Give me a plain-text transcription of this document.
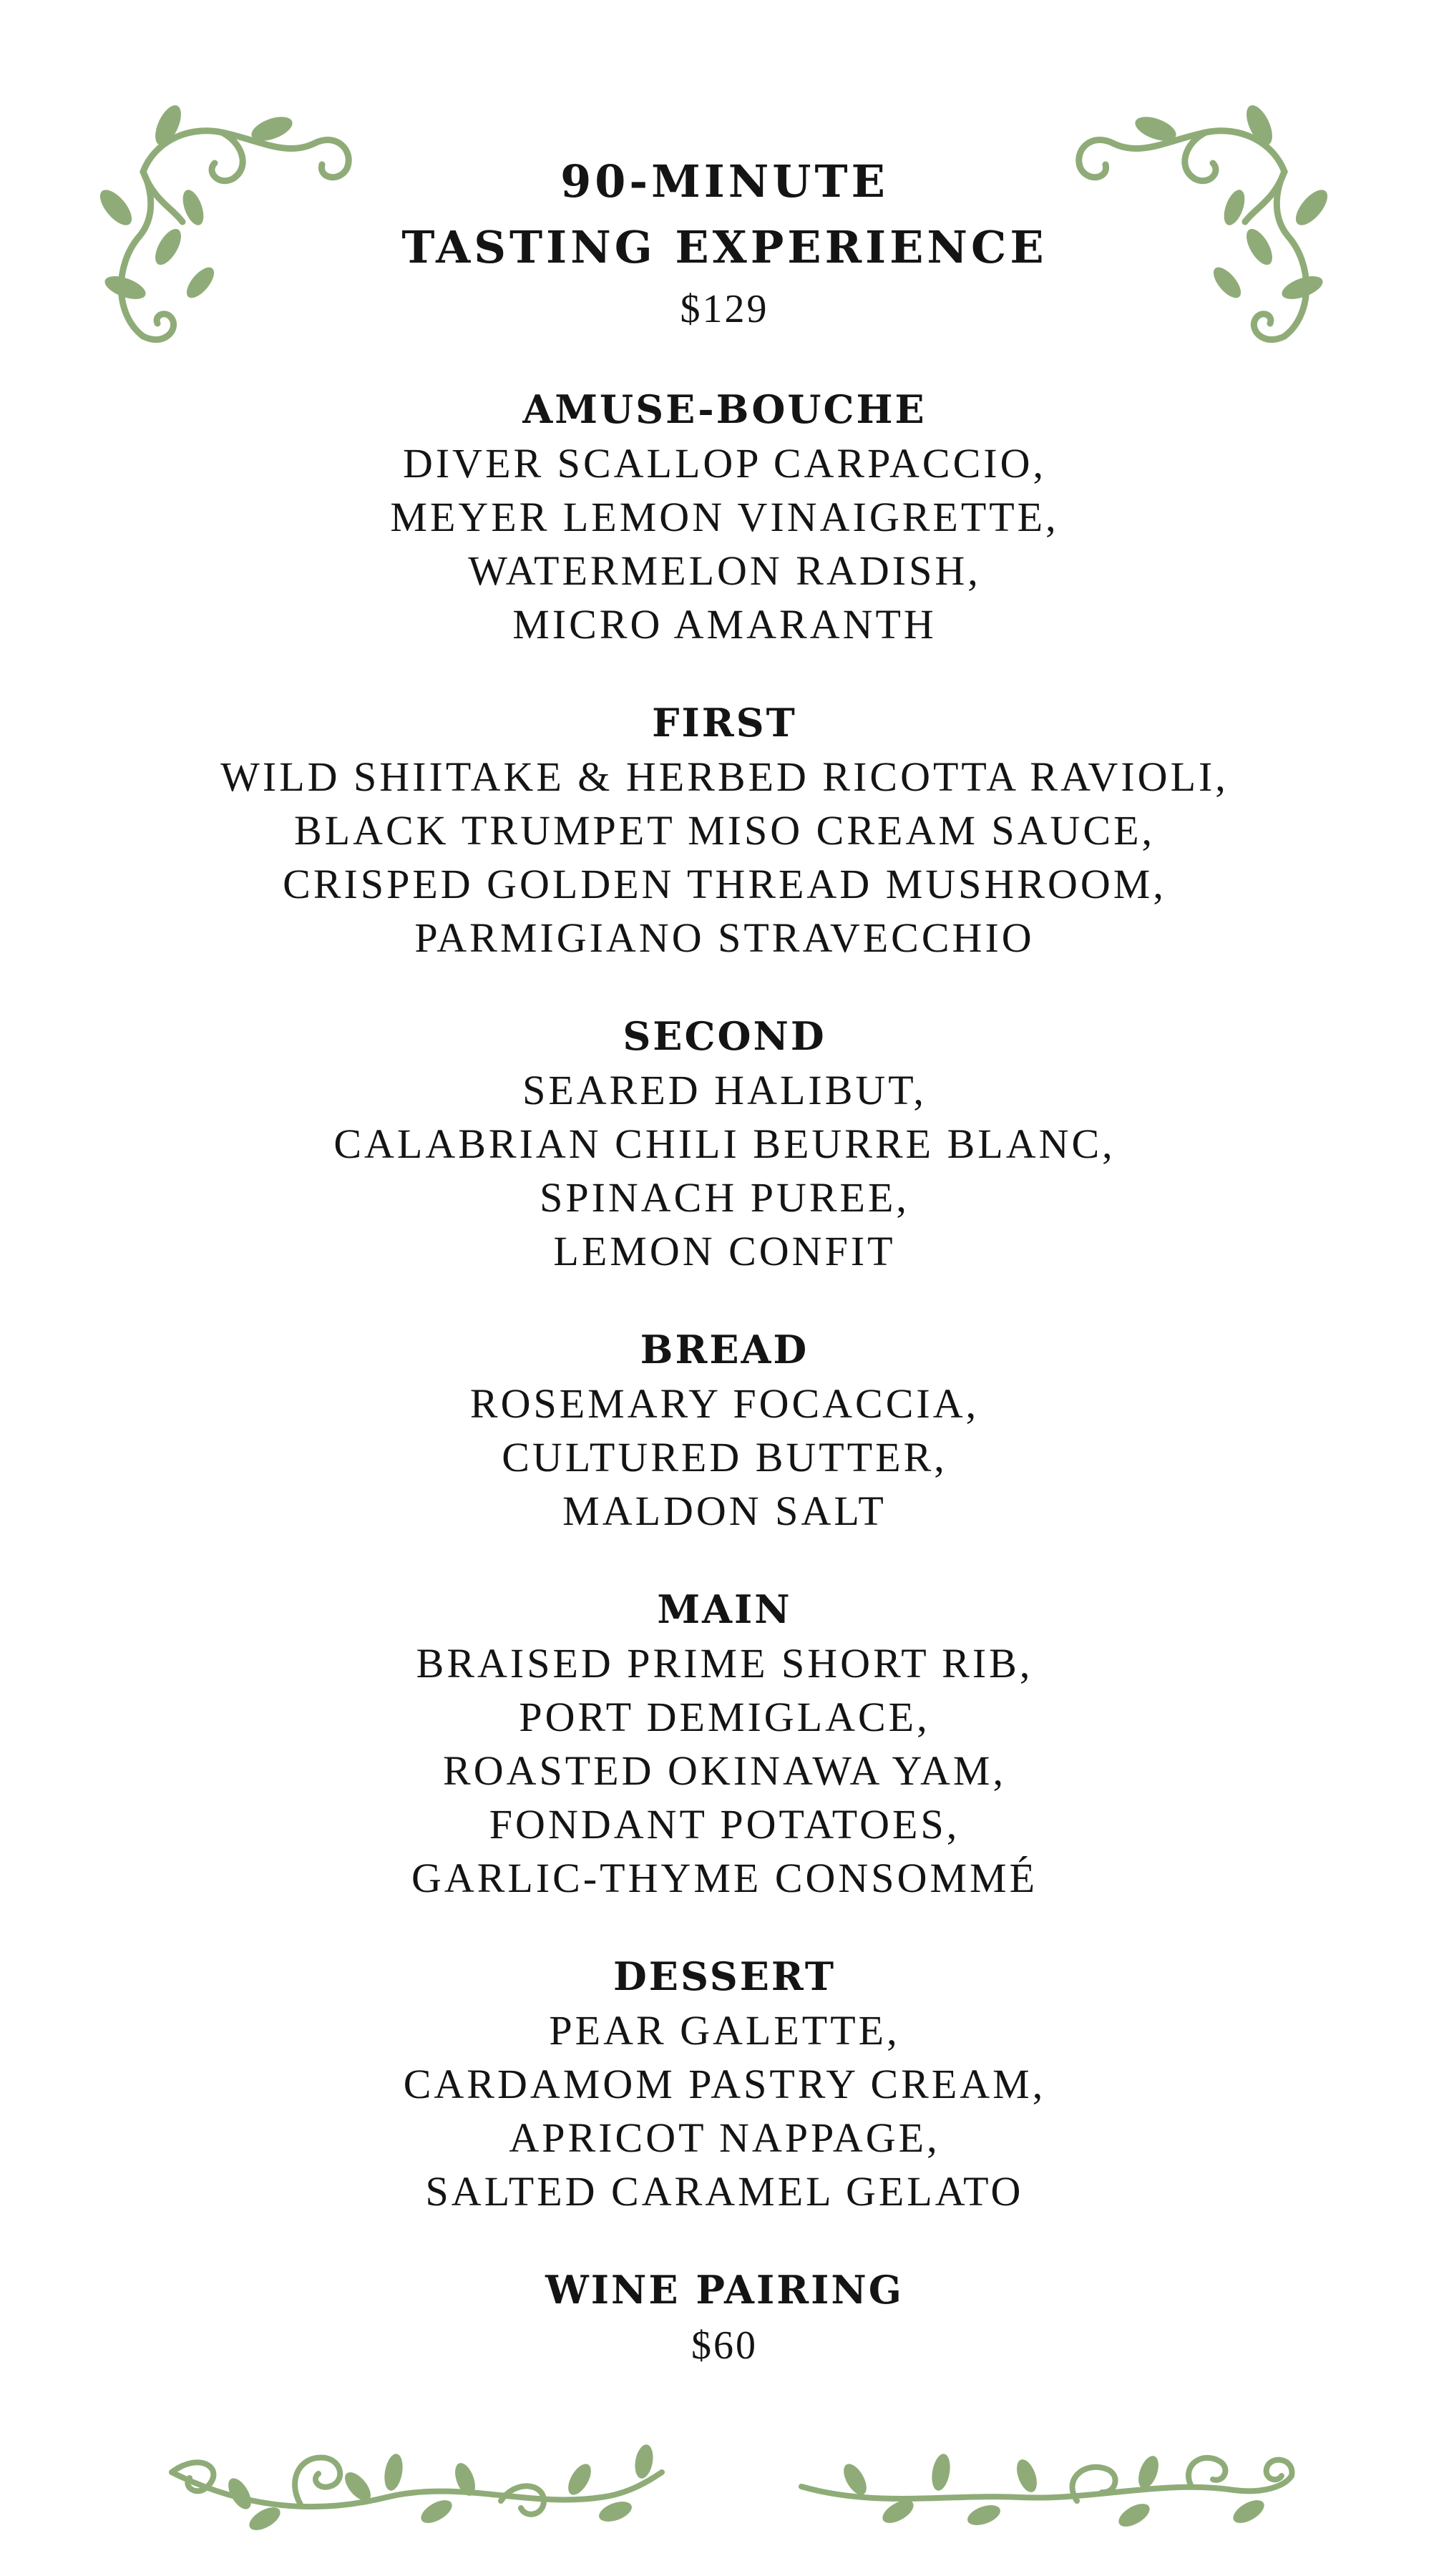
90-MINUTE
TASTING EXPERIENCE
$129
AMUSE-BOUCHE
DIVER SCALLOP CARPACCIO,
MEYER LEMON VINAIGRETTE,
WATERMELON RADISH,
MICRO AMARANTH
FIRST
WILD SHIITAKE & HERBED RICOTTA RAVIOLI,
BLACK TRUMPET MISO CREAM SAUCE,
CRISPED GOLDEN THREAD MUSHROOM,
PARMIGIANO STRAVECCHIO
SECOND
SEARED HALIBUT,
CALABRIAN CHILI BEURRE BLANC,
SPINACH PUREE,
LEMON CONFIT
BREAD
ROSEMARY FOCACCIA,
CULTURED BUTTER,
MALDON SALT
MAIN
BRAISED PRIME SHORT RIB,
PORT DEMIGLACE,
ROASTED OKINAWA YAM,
FONDANT POTATOES,
GARLIC-THYME CONSOMMÉ
DESSERT
PEAR GALETTE,
CARDAMOM PASTRY CREAM,
APRICOT NAPPAGE,
SALTED CARAMEL GELATO
WINE PAIRING
$60
